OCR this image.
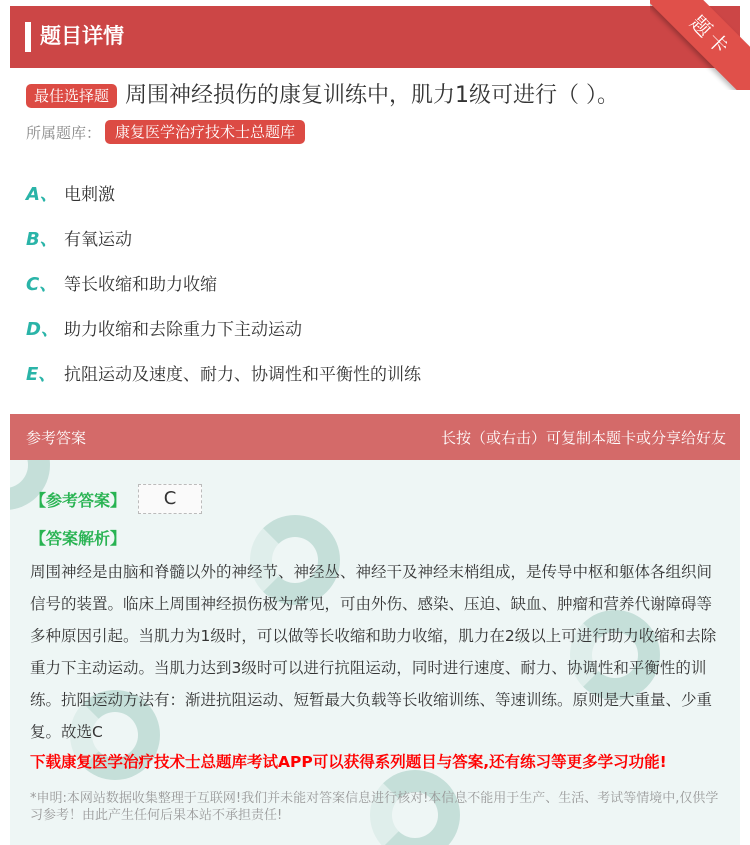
题目详情	题卡
最佳选择题 周围神经损伤的康复训练中，肌力1级可进行（ ）。
所属题库： 康复医学治疗技术士总题库
A、 电刺激
B、 有氧运动
C、 等长收缩和助力收缩
D、 助力收缩和去除重力下主动运动
E、 抗阻运动及速度、耐力、协调性和平衡性的训练
参考答案	长按（或右击）可复制本题卡或分享给好友
【参考答案】	C
【答案解析】
周围神经是由脑和脊髓以外的神经节、神经丛、神经干及神经末梢组成，是传导中枢和躯体各组织间信号的装置。临床上周围神经损伤极为常见，可由外伤、感染、压迫、缺血、肿瘤和营养代谢障碍等多种原因引起。当肌力为1级时，可以做等长收缩和助力收缩，肌力在2级以上可进行助力收缩和去除重力下主动运动。当肌力达到3级时可以进行抗阻运动，同时进行速度、耐力、协调性和平衡性的训练。抗阻运动方法有：渐进抗阻运动、短暂最大负载等长收缩训练、等速训练。原则是大重量、少重复。故选C
下载康复医学治疗技术士总题库考试APP可以获得系列题目与答案,还有练习等更多学习功能!
*申明:本网站数据收集整理于互联网!我们并未能对答案信息进行核对!本信息不能用于生产、生活、考试等情境中,仅供学习参考！由此产生任何后果本站不承担责任!
